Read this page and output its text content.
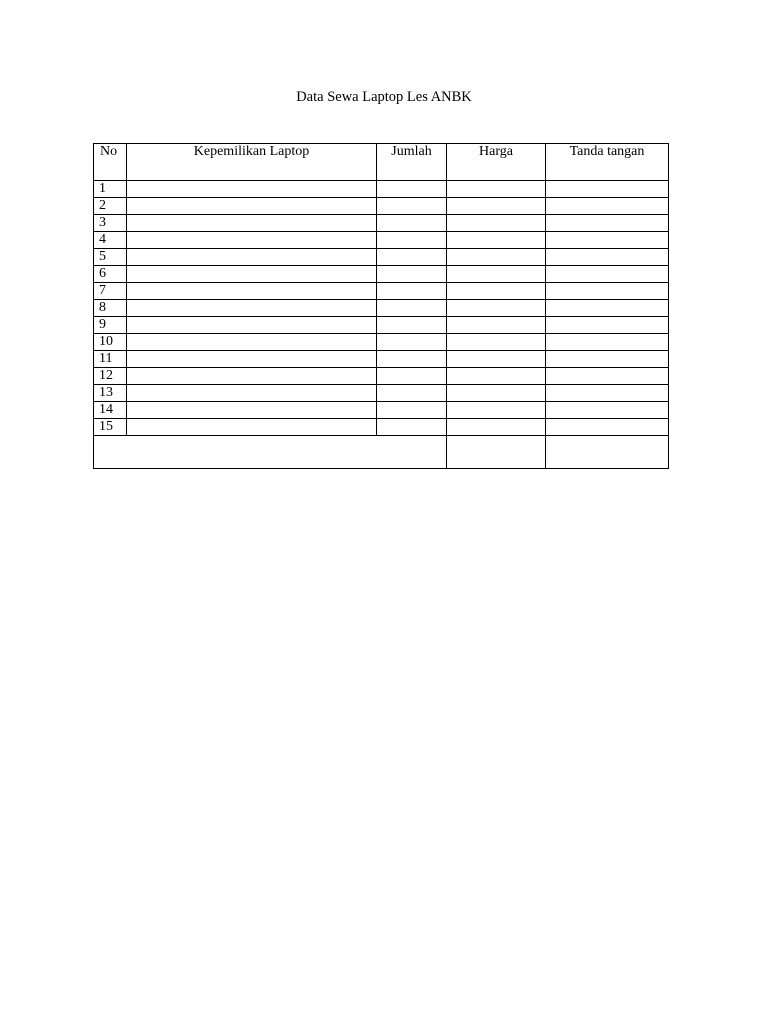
Data Sewa Laptop Les ANBK
No	Kepemilikan Laptop	Jumlah	Harga	Tanda tangan
1				
2				
3				
4				
5				
6				
7				
8				
9				
10				
11				
12				
13				
14				
15				
